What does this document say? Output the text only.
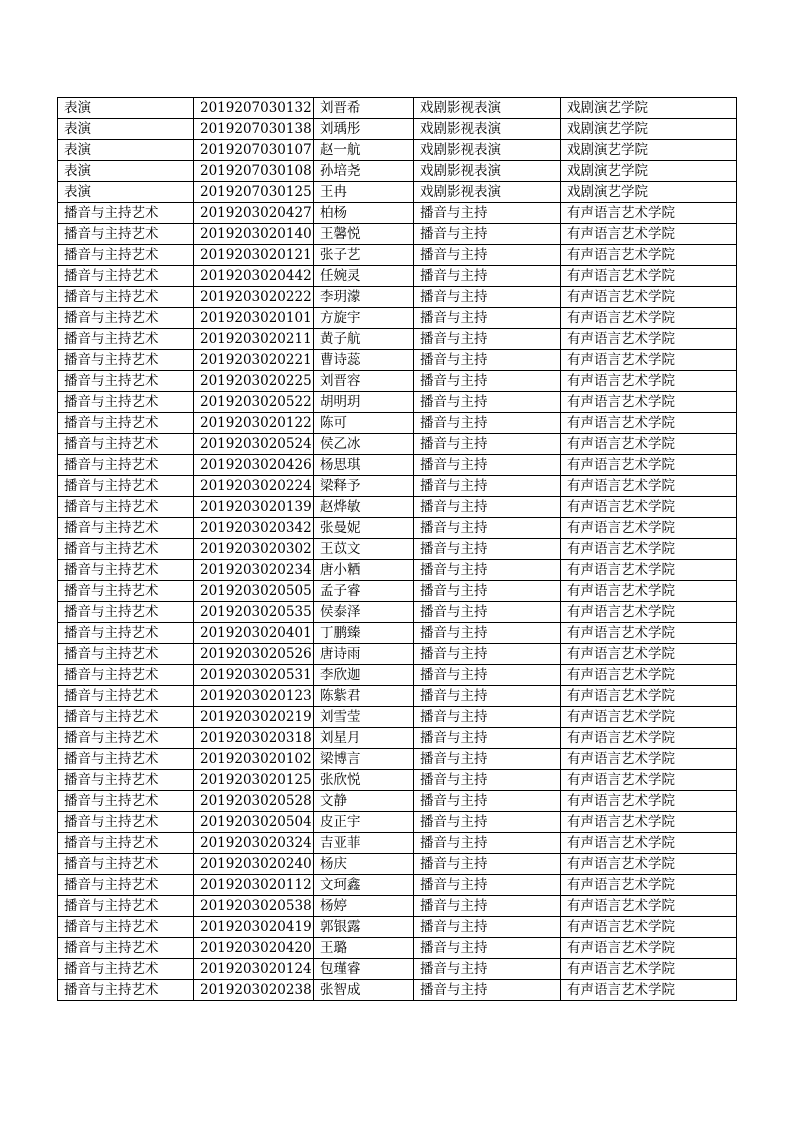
表演	2019207030132	刘晋希	戏剧影视表演	戏剧演艺学院
表演	2019207030138	刘瑀彤	戏剧影视表演	戏剧演艺学院
表演	2019207030107	赵一航	戏剧影视表演	戏剧演艺学院
表演	2019207030108	孙培尧	戏剧影视表演	戏剧演艺学院
表演	2019207030125	王冉	戏剧影视表演	戏剧演艺学院
播音与主持艺术	2019203020427	柏杨	播音与主持	有声语言艺术学院
播音与主持艺术	2019203020140	王馨悦	播音与主持	有声语言艺术学院
播音与主持艺术	2019203020121	张子艺	播音与主持	有声语言艺术学院
播音与主持艺术	2019203020442	任婉灵	播音与主持	有声语言艺术学院
播音与主持艺术	2019203020222	李玥濛	播音与主持	有声语言艺术学院
播音与主持艺术	2019203020101	方旋宇	播音与主持	有声语言艺术学院
播音与主持艺术	2019203020211	黄子航	播音与主持	有声语言艺术学院
播音与主持艺术	2019203020221	曹诗蕊	播音与主持	有声语言艺术学院
播音与主持艺术	2019203020225	刘晋容	播音与主持	有声语言艺术学院
播音与主持艺术	2019203020522	胡明玥	播音与主持	有声语言艺术学院
播音与主持艺术	2019203020122	陈可	播音与主持	有声语言艺术学院
播音与主持艺术	2019203020524	侯乙冰	播音与主持	有声语言艺术学院
播音与主持艺术	2019203020426	杨思琪	播音与主持	有声语言艺术学院
播音与主持艺术	2019203020224	梁释予	播音与主持	有声语言艺术学院
播音与主持艺术	2019203020139	赵烨敏	播音与主持	有声语言艺术学院
播音与主持艺术	2019203020342	张曼妮	播音与主持	有声语言艺术学院
播音与主持艺术	2019203020302	王苡文	播音与主持	有声语言艺术学院
播音与主持艺术	2019203020234	唐小粞	播音与主持	有声语言艺术学院
播音与主持艺术	2019203020505	孟子睿	播音与主持	有声语言艺术学院
播音与主持艺术	2019203020535	侯泰泽	播音与主持	有声语言艺术学院
播音与主持艺术	2019203020401	丁鹏臻	播音与主持	有声语言艺术学院
播音与主持艺术	2019203020526	唐诗雨	播音与主持	有声语言艺术学院
播音与主持艺术	2019203020531	李欣迦	播音与主持	有声语言艺术学院
播音与主持艺术	2019203020123	陈紫君	播音与主持	有声语言艺术学院
播音与主持艺术	2019203020219	刘雪莹	播音与主持	有声语言艺术学院
播音与主持艺术	2019203020318	刘星月	播音与主持	有声语言艺术学院
播音与主持艺术	2019203020102	梁博言	播音与主持	有声语言艺术学院
播音与主持艺术	2019203020125	张欣悦	播音与主持	有声语言艺术学院
播音与主持艺术	2019203020528	文静	播音与主持	有声语言艺术学院
播音与主持艺术	2019203020504	皮正宇	播音与主持	有声语言艺术学院
播音与主持艺术	2019203020324	吉亚菲	播音与主持	有声语言艺术学院
播音与主持艺术	2019203020240	杨庆	播音与主持	有声语言艺术学院
播音与主持艺术	2019203020112	文珂鑫	播音与主持	有声语言艺术学院
播音与主持艺术	2019203020538	杨婷	播音与主持	有声语言艺术学院
播音与主持艺术	2019203020419	郭银露	播音与主持	有声语言艺术学院
播音与主持艺术	2019203020420	王璐	播音与主持	有声语言艺术学院
播音与主持艺术	2019203020124	包瑾睿	播音与主持	有声语言艺术学院
播音与主持艺术	2019203020238	张智成	播音与主持	有声语言艺术学院
